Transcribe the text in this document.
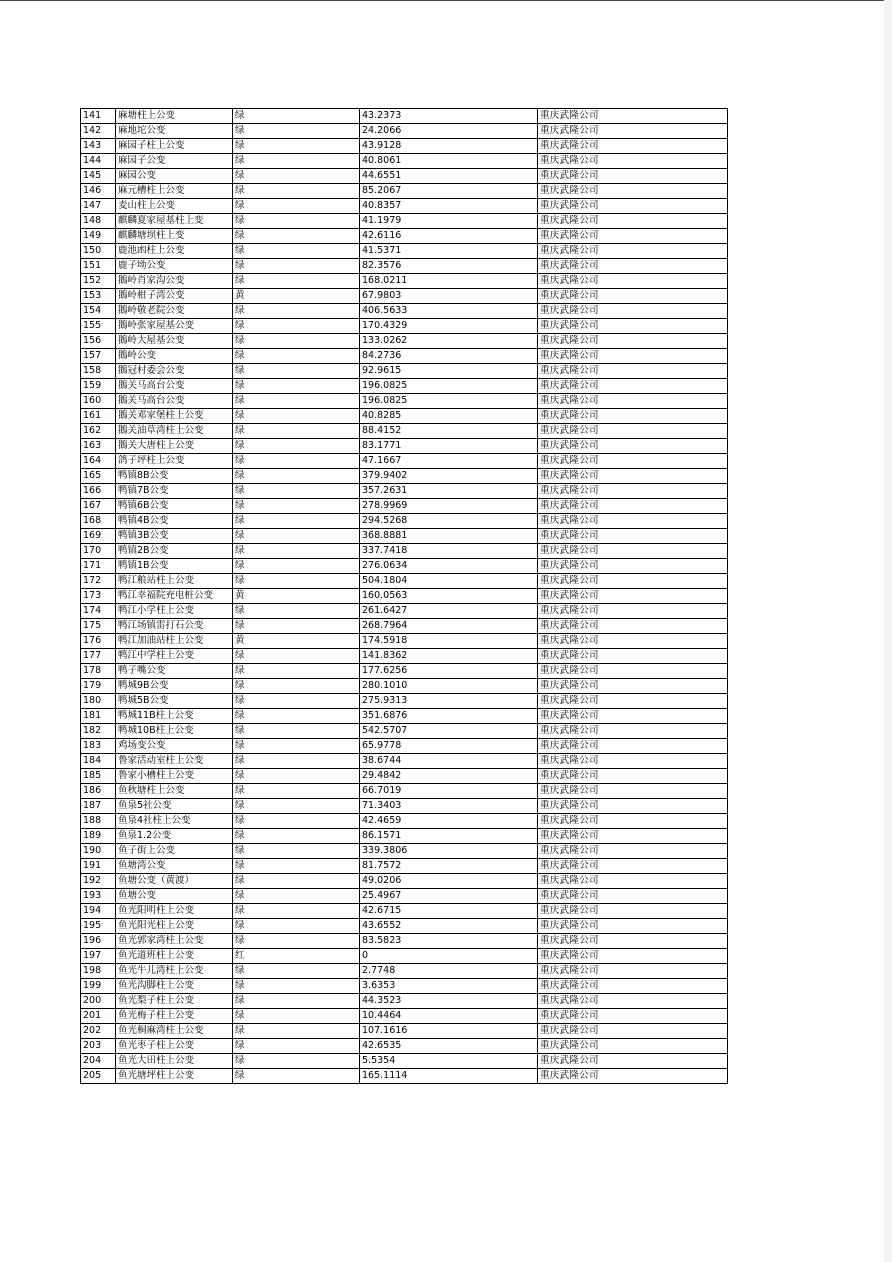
141	麻塘柱上公变	绿	43.2373	重庆武隆公司
142	麻地坨公变	绿	24.2066	重庆武隆公司
143	麻园子柱上公变	绿	43.9128	重庆武隆公司
144	麻园子公变	绿	40.8061	重庆武隆公司
145	麻园公变	绿	44.6551	重庆武隆公司
146	麻元槽柱上公变	绿	85.2067	重庆武隆公司
147	麦山柱上公变	绿	40.8357	重庆武隆公司
148	麒麟夏家屋基柱上变	绿	41.1979	重庆武隆公司
149	麒麟塘坝柱上变	绿	42.6116	重庆武隆公司
150	鹿池凼柱上公变	绿	41.5371	重庆武隆公司
151	鹿子坳公变	绿	82.3576	重庆武隆公司
152	鵝岭肖家沟公变	绿	168.0211	重庆武隆公司
153	鵝岭柑子湾公变	黄	67.9803	重庆武隆公司
154	鵝岭敬老院公变	绿	406.5633	重庆武隆公司
155	鵝岭张家屋基公变	绿	170.4329	重庆武隆公司
156	鵝岭大屋基公变	绿	133.0262	重庆武隆公司
157	鵝岭公变	绿	84.2736	重庆武隆公司
158	鵝冠村委会公变	绿	92.9615	重庆武隆公司
159	鵝关马高台公变	绿	196.0825	重庆武隆公司
160	鵝关马高台公变	绿	196.0825	重庆武隆公司
161	鵝关邓家堡柱上公变	绿	40.8285	重庆武隆公司
162	鵝关油草湾柱上公变	绿	88.4152	重庆武隆公司
163	鵝关大唐柱上公变	绿	83.1771	重庆武隆公司
164	鸽子坪柱上公变	绿	47.1667	重庆武隆公司
165	鸭镇8B公变	绿	379.9402	重庆武隆公司
166	鸭镇7B公变	绿	357.2631	重庆武隆公司
167	鸭镇6B公变	绿	278.9969	重庆武隆公司
168	鸭镇4B公变	绿	294.5268	重庆武隆公司
169	鸭镇3B公变	绿	368.8881	重庆武隆公司
170	鸭镇2B公变	绿	337.7418	重庆武隆公司
171	鸭镇1B公变	绿	276.0634	重庆武隆公司
172	鸭江粮站柱上公变	绿	504.1804	重庆武隆公司
173	鸭江幸福院充电桩公变	黄	160.0563	重庆武隆公司
174	鸭江小学柱上公变	绿	261.6427	重庆武隆公司
175	鸭江场镇雷打石公变	绿	268.7964	重庆武隆公司
176	鸭江加油站柱上公变	黄	174.5918	重庆武隆公司
177	鸭江中学柱上公变	绿	141.8362	重庆武隆公司
178	鸭子嘴公变	绿	177.6256	重庆武隆公司
179	鸭城9B公变	绿	280.1010	重庆武隆公司
180	鸭城5B公变	绿	275.9313	重庆武隆公司
181	鸭城11B柱上公变	绿	351.6876	重庆武隆公司
182	鸭城10B柱上公变	绿	542.5707	重庆武隆公司
183	鸡场变公变	绿	65.9778	重庆武隆公司
184	鲁家活动室柱上公变	绿	38.6744	重庆武隆公司
185	鲁家小槽柱上公变	绿	29.4842	重庆武隆公司
186	鱼秋塘柱上公变	绿	66.7019	重庆武隆公司
187	鱼泉5社公变	绿	71.3403	重庆武隆公司
188	鱼泉4社柱上公变	绿	42.4659	重庆武隆公司
189	鱼泉1.2公变	绿	86.1571	重庆武隆公司
190	鱼子街上公变	绿	339.3806	重庆武隆公司
191	鱼塘湾公变	绿	81.7572	重庆武隆公司
192	鱼塘公变（黄渡）	绿	49.0206	重庆武隆公司
193	鱼塘公变	绿	25.4967	重庆武隆公司
194	鱼光阳明柱上公变	绿	42.6715	重庆武隆公司
195	鱼光阳光柱上公变	绿	43.6552	重庆武隆公司
196	鱼光郭家湾柱上公变	绿	83.5823	重庆武隆公司
197	鱼光道班柱上公变	红	0	重庆武隆公司
198	鱼光牛儿湾柱上公变	绿	2.7748	重庆武隆公司
199	鱼光沟脚柱上公变	绿	3.6353	重庆武隆公司
200	鱼光梨子柱上公变	绿	44.3523	重庆武隆公司
201	鱼光梅子柱上公变	绿	10.4464	重庆武隆公司
202	鱼光桐麻湾柱上公变	绿	107.1616	重庆武隆公司
203	鱼光枣子柱上公变	绿	42.6535	重庆武隆公司
204	鱼光大田柱上公变	绿	5.5354	重庆武隆公司
205	鱼光塘坪柱上公变	绿	165.1114	重庆武隆公司
